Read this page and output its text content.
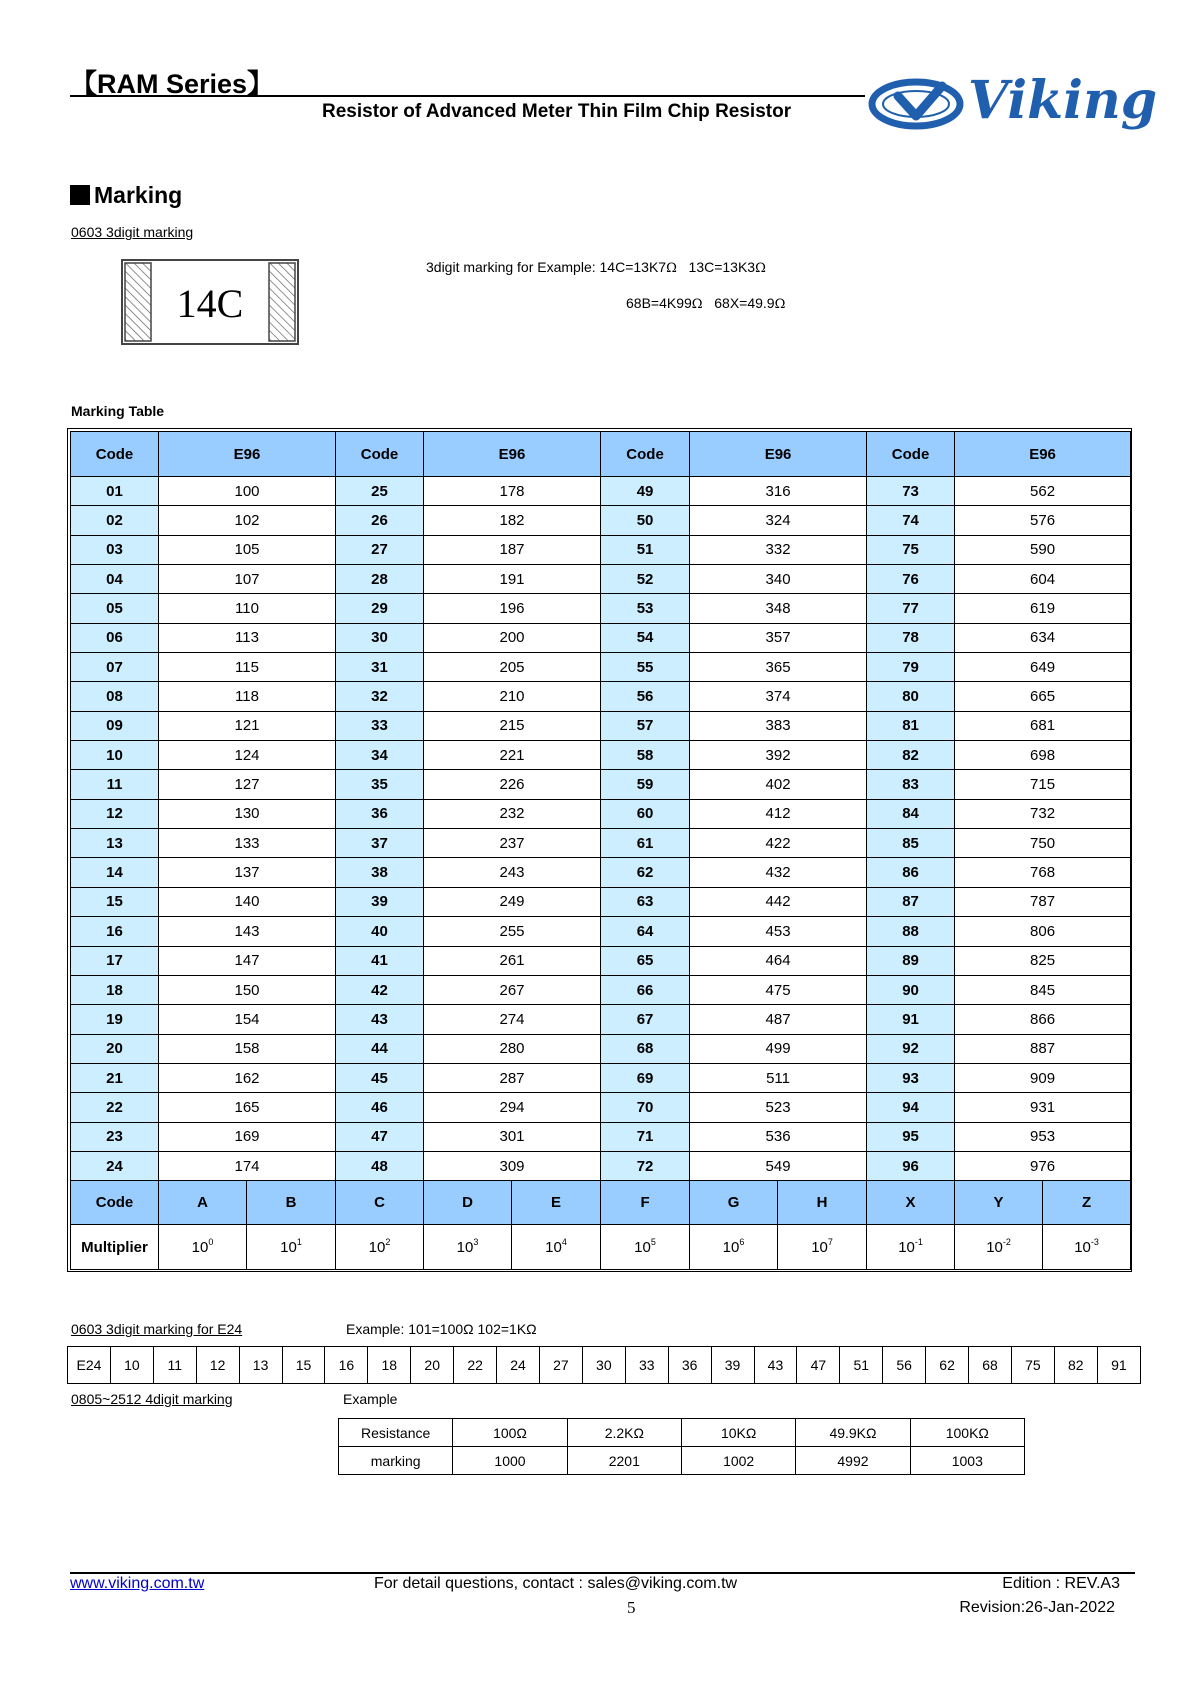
【RAM Series】
Resistor of Advanced Meter Thin Film Chip Resistor	Viking
Marking
0603 3digit marking
14C
3digit marking for Example: 14C=13K7Ω   13C=13K3Ω
68B=4K99Ω   68X=49.9Ω
Marking Table
Code	E96		Code	E96		Code	E96		Code	E96	
01	100		25	178		49	316		73	562	
02	102		26	182		50	324		74	576	
03	105		27	187		51	332		75	590	
04	107		28	191		52	340		76	604	
05	110		29	196		53	348		77	619	
06	113		30	200		54	357		78	634	
07	115		31	205		55	365		79	649	
08	118		32	210		56	374		80	665	
09	121		33	215		57	383		81	681	
10	124		34	221		58	392		82	698	
11	127		35	226		59	402		83	715	
12	130		36	232		60	412		84	732	
13	133		37	237		61	422		85	750	
14	137		38	243		62	432		86	768	
15	140		39	249		63	442		87	787	
16	143		40	255		64	453		88	806	
17	147		41	261		65	464		89	825	
18	150		42	267		66	475		90	845	
19	154		43	274		67	487		91	866	
20	158		44	280		68	499		92	887	
21	162		45	287		69	511		93	909	
22	165		46	294		70	523		94	931	
23	169		47	301		71	536		95	953	
24	174		48	309		72	549		96	976	
Code	A	B	C	D	E	F	G	H	X	Y	Z
Multiplier	$10^0$	$10^1$	$10^2$	$10^3$	$10^4$	$10^5$	$10^6$	$10^7$	$10^{-1}$	$10^{-2}$	$10^{-3}$
0603 3digit marking for E24	Example: 101=100Ω 102=1KΩ
E24	10	11	12	13	15	16	18	20	22	24	27	30	33	36	39	43	47	51	56	62	68	75	82	91
0805~2512 4digit marking	Example
Resistance	100Ω	2.2KΩ	10KΩ	49.9KΩ	100KΩ
marking	1000	2201	1002	4992	1003
www.viking.com.tw	For detail questions, contact : sales@viking.com.tw
5
Edition : REV.A3
Revision:26-Jan-2022
